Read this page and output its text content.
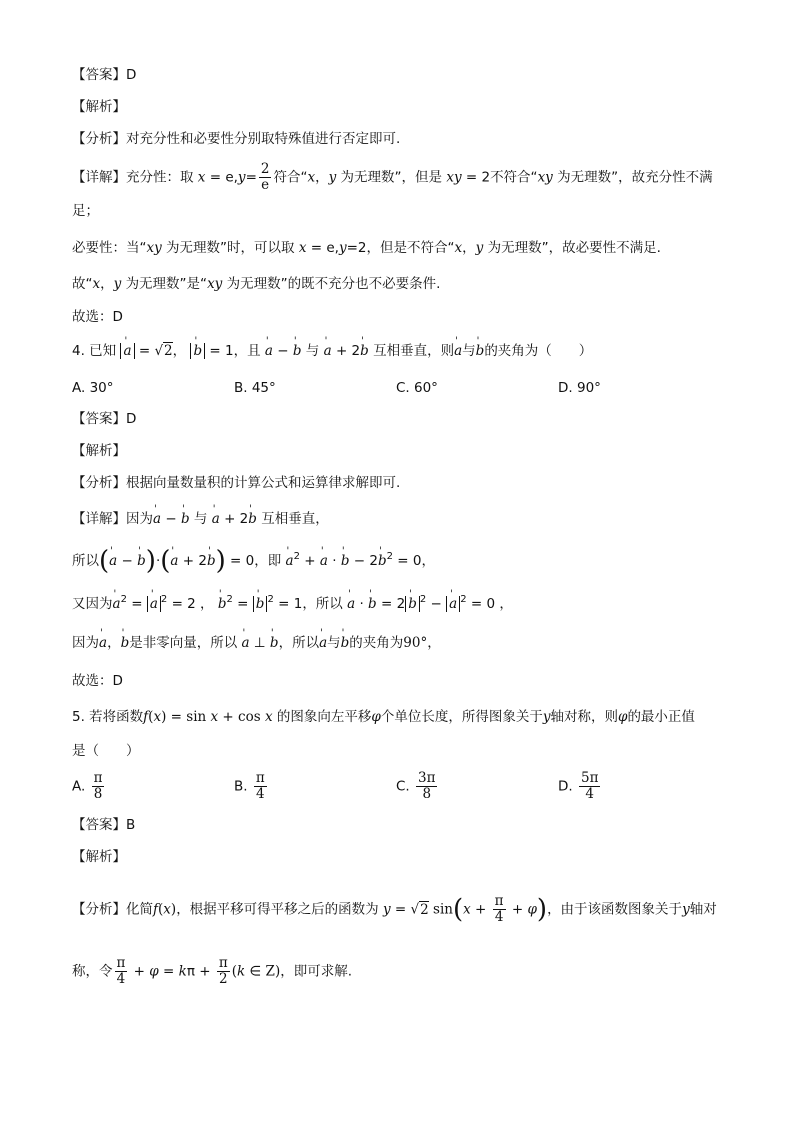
【答案】D
【解析】
【分析】对充分性和必要性分别取特殊值进行否定即可.
【详解】充分性：取 $x = e,y= \frac{2}{e}$ 符合“x，y 为无理数”，但是 xy = 2不符合“xy 为无理数”，故充分性不满
足；
必要性：当“xy 为无理数”时，可以取 x = e,y=2，但是不符合“x，y 为无理数”，故必要性不满足.
故“x，y 为无理数”是“xy 为无理数”的既不充分也不必要条件.
故选：D
4. 已知 ' a = √2， ' b = 1，且 ' a − ' b 与 ' a + 2' b 互相垂直，则' a与' b的夹角为（　　）
A. 30°	B. 45°	C. 60°	D. 90°
【答案】D
【解析】
【分析】根据向量数量积的计算公式和运算律求解即可.
【详解】因为' a − ' b 与 ' a + 2' b 互相垂直，
所以(' a − ' b)·(' a + 2' b) = 0，即 ' $a^2$ + ' a · ' b − 2' $b^2 = 0$，
又因为' $a^2$ = ' a $^2$ = 2 ， ' $b^2$ = ' b $^2$ = 1，所以 ' a · ' b = 2 ' b $^2$ − ' a $^2$ = 0 ，
因为' a，' b是非零向量，所以 ' a ⊥ ' b，所以' a与' b的夹角为90°，
故选：D
5. 若将函数f(x) = sin x + cos x 的图象向左平移φ个单位长度，所得图象关于y轴对称，则φ的最小正值
是（　　）
A. $\frac{\pi}{8}$	B. $\frac{\pi}{4}$	C. $\frac{3\pi}{8}$	D. $\frac{5\pi}{4}$
【答案】B
【解析】
【分析】化简f(x)，根据平移可得平移之后的函数为 y = √2 $\sin(x + \frac{\pi}{4} + \varphi)$，由于该函数图象关于y轴对
称，令 $\frac{\pi}{4} + \varphi = k\pi + \frac{\pi}{2} (k$ ∈ Z)，即可求解.
